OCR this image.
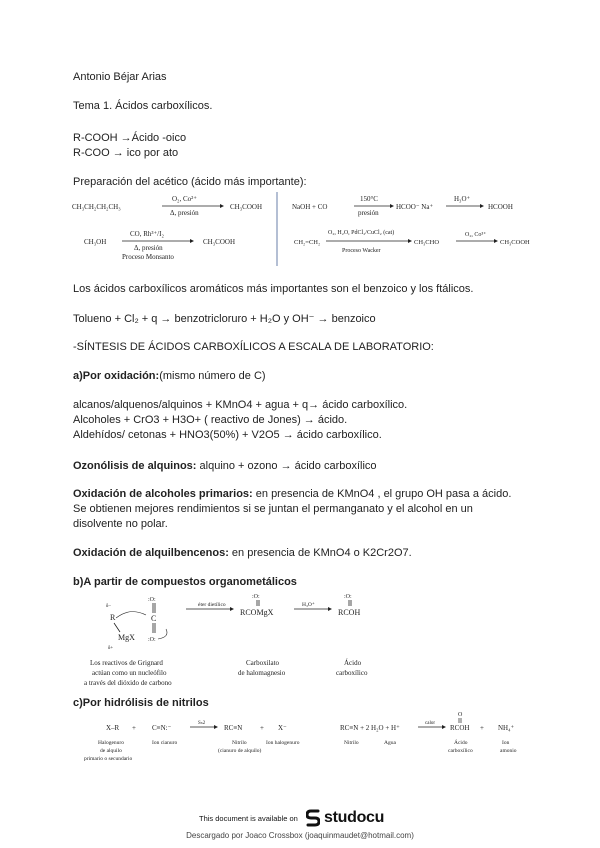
Antonio Béjar Arias
Tema 1. Ácidos carboxílicos.
R-COOH →Ácido -oico
R-COO → ico por ato
Preparación del acético (ácido más importante):
CH₃CH₂CH₂CH₃
O₂, Co²⁺
Δ, presión
CH₃COOH
CH₃OH
CO, Rh³⁺/I₂
Δ, presión
Proceso Monsanto
CH₃COOH
NaOH + CO
150°C
presión
HCOO⁻ Na⁺
H₃O⁺
HCOOH
CH₂=CH₂
O₂, H₂O, PdCl₂/CuCl₂ (cat)
Proceso Wacker
CH₃CHO
O₂, Co³⁺
CH₃COOH
Los ácidos carboxílicos aromáticos más importantes son el benzoico y los ftálicos.
Tolueno + Cl₂ + q → benzotricloruro + H₂O y OH⁻ → benzoico
-SÍNTESIS DE ÁCIDOS CARBOXÍLICOS A ESCALA DE LABORATORIO:
a)Por oxidación:(mismo número de C)
alcanos/alquenos/alquinos + KMnO4 + agua + q→ ácido carboxílico.
Alcoholes + CrO3 + H3O+ ( reactivo de Jones) → ácido.
Aldehídos/ cetonas + HNO3(50%) + V2O5 → ácido carboxílico.
Ozonólisis de alquinos: alquino + ozono → ácido carboxílico
Oxidación de alcoholes primarios: en presencia de KMnO4 , el grupo OH pasa a ácido.
Se obtienen mejores rendimientos si se juntan el permanganato y el alcohol en un
disolvente no polar.
Oxidación de alquilbencenos: en presencia de KMnO4 o K2Cr2O7.
b)A partir de compuestos organometálicos
:O:
C
:O:
R
δ−
MgX
δ+
éter dietílico
:O:
RCOMgX
H₃O⁺
:O:
RCOH
Los reactivos de Grignard
actúan como un nucleófilo
a través del dióxido de carbono
Carboxilato
de halomagnesio
Ácido
carboxílico
c)Por hidrólisis de nitrilos
X–R + C≡N:⁻
Sₙ2
RC≡N	+ X⁻
Halogenuro
de alquilo
primario o secundario
Ion cianuro	Nitrilo
(cianuro de alquilo)
Ion halogenuro
RC≡N + 2 H₂O + H⁺
calor
O
RCOH + NH₄⁺
Nitrilo	Agua	Ácido
carboxílico
Ion
amonio
This document is available on studocu
Descargado por Joaco Crossbox (joaquinmaudet@hotmail.com)
